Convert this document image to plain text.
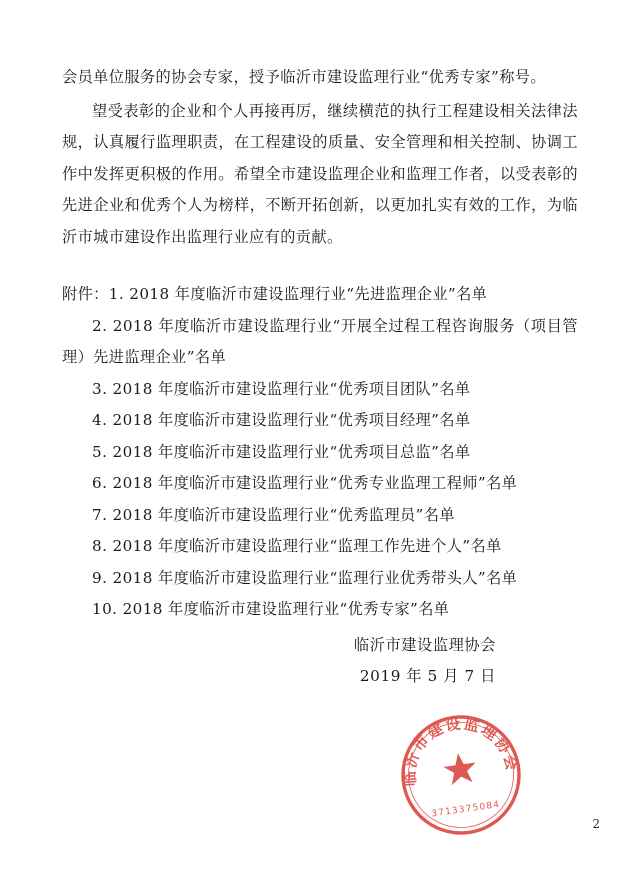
会员单位服务的协会专家，授予临沂市建设监理行业“优秀专家”称号。

望受表彰的企业和个人再接再厉，继续横范的执行工程建设相关法律法规，认真履行监理职责，在工程建设的质量、安全管理和相关控制、协调工作中发挥更积极的作用。希望全市建设监理企业和监理工作者，以受表彰的先进企业和优秀个人为榜样，不断开拓创新，以更加扎实有效的工作，为临沂市城市建设作出监理行业应有的贡献。

附件：1. 2018 年度临沂市建设监理行业“先进监理企业”名单

2. 2018 年度临沂市建设监理行业“开展全过程工程咨询服务（项目管理）先进监理企业”名单

3. 2018 年度临沂市建设监理行业“优秀项目团队”名单

4. 2018 年度临沂市建设监理行业“优秀项目经理”名单

5. 2018 年度临沂市建设监理行业“优秀项目总监”名单

6. 2018 年度临沂市建设监理行业“优秀专业监理工程师”名单

7. 2018 年度临沂市建设监理行业“优秀监理员”名单

8. 2018 年度临沂市建设监理行业“监理工作先进个人”名单

9. 2018 年度临沂市建设监理行业“监理行业优秀带头人”名单

10. 2018 年度临沂市建设监理行业“优秀专家”名单

临沂市建设监理协会
2019 年 5 月 7 日
临沂市建设监理协会
3713375084
2
